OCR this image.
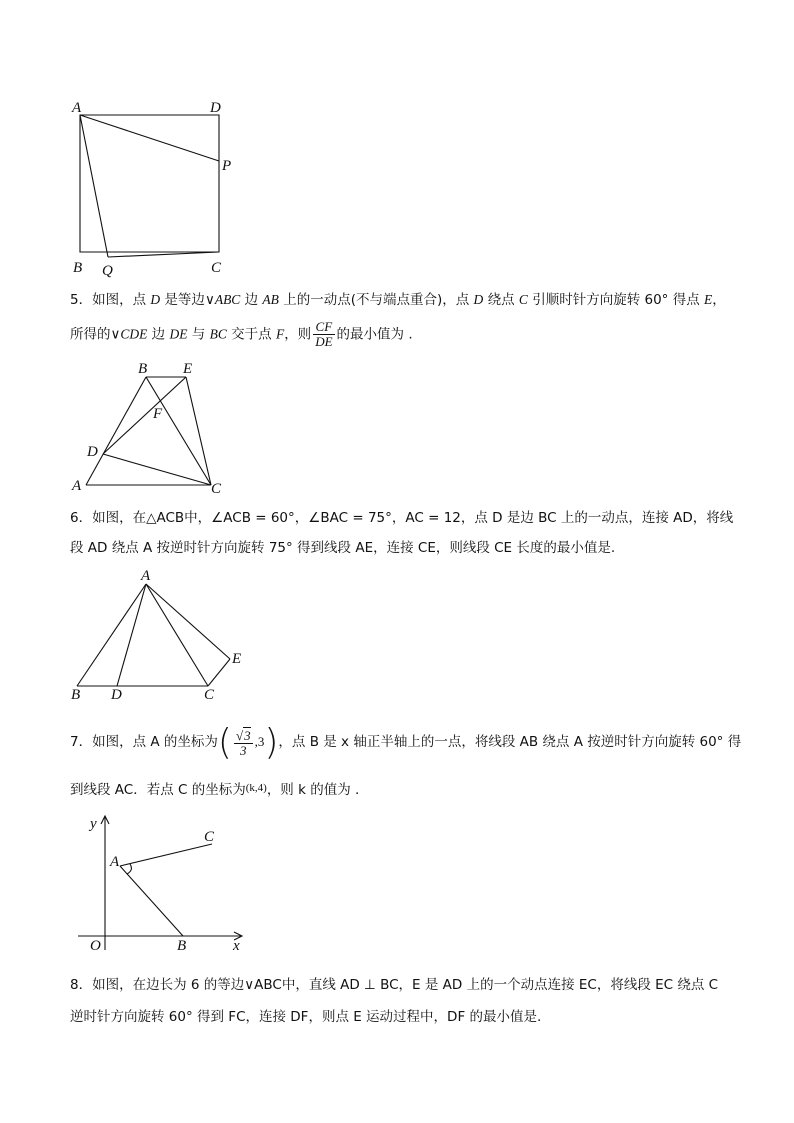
A	D
P
B Q	C
5．如图，点 D 是等边∨ABC 边 AB 上的一动点(不与端点重合)，点 D 绕点 C 引顺时针方向旋转 60° 得点 E，
所得的∨CDE 边 DE 与 BC 交于点 F，则 $\frac{CF}{DE}$ 的最小值为 .
B E
F
D
A	C
6．如图，在△ACB中，∠ACB = 60°，∠BAC = 75°，AC = 12，点 D 是边 BC 上的一动点，连接 AD，将线
段 AD 绕点 A 按逆时针方向旋转 75° 得到线段 AE，连接 CE，则线段 CE 长度的最小值是.
A
E
B D	C
7．如图，点 A 的坐标为( $\frac{√3}{3} ,3$)，点 B 是 x 轴正半轴上的一点，将线段 AB 绕点 A 按逆时针方向旋转 60° 得
到线段 AC．若点 C 的坐标为$^{(k,4)}$，则 k 的值为 .
y
C
A
O	B	x
8．如图，在边长为 6 的等边∨ABC中，直线 AD ⊥ BC，E 是 AD 上的一个动点连接 EC，将线段 EC 绕点 C
逆时针方向旋转 60° 得到 FC，连接 DF，则点 E 运动过程中，DF 的最小值是.
